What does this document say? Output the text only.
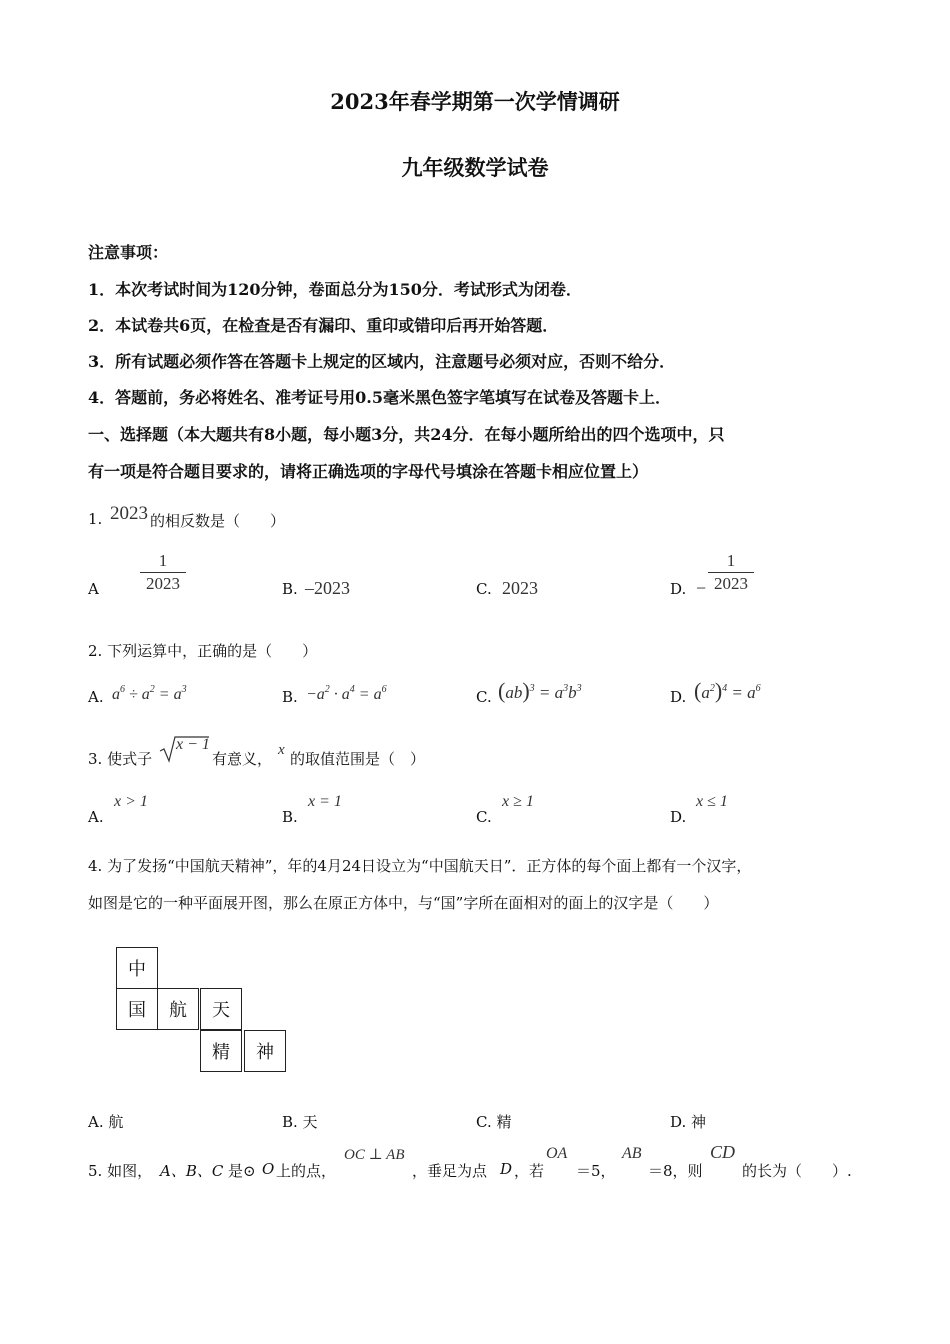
2023年春学期第一次学情调研
九年级数学试卷
注意事项：
1．本次考试时间为120分钟，卷面总分为150分．考试形式为闭卷．
2．本试卷共6页，在检查是否有漏印、重印或错印后再开始答题．
3．所有试题必须作答在答题卡上规定的区域内，注意题号必须对应，否则不给分．
4．答题前，务必将姓名、准考证号用0.5毫米黑色签字笔填写在试卷及答题卡上．
一、选择题（本大题共有8小题，每小题3分，共24分．在每小题所给出的四个选项中，只
有一项是符合题目要求的，请将正确选项的字母代号填涂在答题卡相应位置上）
1. 2023 的相反数是（　　）
A
1
2023	B. –2023	C. 2023	D. −
1
2023
2. 下列运算中，正确的是（　　）
A. $a^6 \div a^2 = a^3$	B. $-a^2 \cdot a^4 = a^6$	C. $(ab)^3 = a^3b^3$	D. $(a^2)^4 = a^6$
3. 使式子
x − 1
有意义， x 的取值范围是（　）
A.
x > 1
B.
x = 1
C.
x ≥ 1
D.
x ≤ 1
4. 为了发扬“中国航天精神”，年的4月24日设立为“中国航天日”．正方体的每个面上都有一个汉字，
如图是它的一种平面展开图，那么在原正方体中，与“国”字所在面相对的面上的汉字是（　　）
中
国	航	天
精	神
A. 航	B. 天	C. 精	D. 神
5. 如图， A、B、C 是⊙ O 上的点，
OC ⊥ AB
，垂足为点 D ，若
OA
＝5，
AB
＝8，则
CD
的长为（　　）.
